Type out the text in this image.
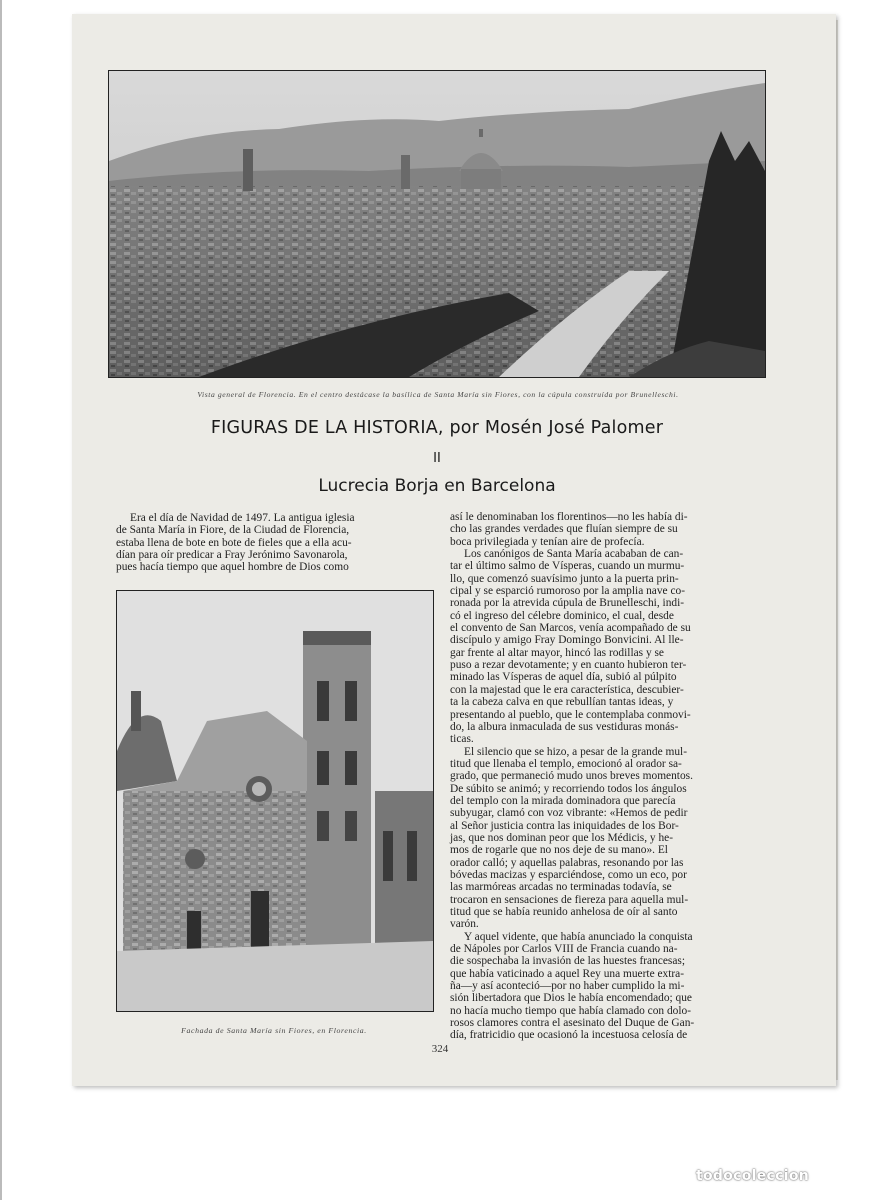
Vista general de Florencia. En el centro destácase la basílica de Santa María sin Fiores, con la cúpula construída por Brunelleschi.
FIGURAS DE LA HISTORIA, por Mosén José Palomer
II
Lucrecia Borja en Barcelona

Era el día de Navidad de 1497. La antigua iglesia

de Santa María in Fiore, de la Ciudad de Florencia,

estaba llena de bote en bote de fieles que a ella acu-

dían para oír predicar a Fray Jerónimo Savonarola,

pues hacía tiempo que aquel hombre de Dios como

Fachada de Santa María sin Fiores, en Florencia.

así le denominaban los florentinos—no les había di-

cho las grandes verdades que fluían siempre de su

boca privilegiada y tenían aire de profecía.

Los canónigos de Santa María acababan de can-

tar el último salmo de Vísperas, cuando un murmu-

llo, que comenzó suavísimo junto a la puerta prin-

cipal y se esparció rumoroso por la amplia nave co-

ronada por la atrevida cúpula de Brunelleschi, indi-

có el ingreso del célebre dominico, el cual, desde

el convento de San Marcos, venía acompañado de su

discípulo y amigo Fray Domingo Bonvicini. Al lle-

gar frente al altar mayor, hincó las rodillas y se

puso a rezar devotamente; y en cuanto hubieron ter-

minado las Vísperas de aquel día, subió al púlpito

con la majestad que le era característica, descubier-

ta la cabeza calva en que rebullían tantas ideas, y

presentando al pueblo, que le contemplaba conmovi-

do, la albura inmaculada de sus vestiduras monás-

ticas.

El silencio que se hizo, a pesar de la grande mul-

titud que llenaba el templo, emocionó al orador sa-

grado, que permaneció mudo unos breves momentos.

De súbito se animó; y recorriendo todos los ángulos

del templo con la mirada dominadora que parecía

subyugar, clamó con voz vibrante: «Hemos de pedir

al Señor justicia contra las iniquidades de los Bor-

jas, que nos dominan peor que los Médicis, y he-

mos de rogarle que no nos deje de su mano». El

orador calló; y aquellas palabras, resonando por las

bóvedas macizas y esparciéndose, como un eco, por

las marmóreas arcadas no terminadas todavía, se

trocaron en sensaciones de fiereza para aquella mul-

titud que se había reunido anhelosa de oír al santo

varón.

Y aquel vidente, que había anunciado la conquista

de Nápoles por Carlos VIII de Francia cuando na-

die sospechaba la invasión de las huestes francesas;

que había vaticinado a aquel Rey una muerte extra-

ña—y así aconteció—por no haber cumplido la mi-

sión libertadora que Dios le había encomendado; que

no hacía mucho tiempo que había clamado con dolo-

rosos clamores contra el asesinato del Duque de Gan-

día, fratricidio que ocasionó la incestuosa celosía de

324
todocoleccion
